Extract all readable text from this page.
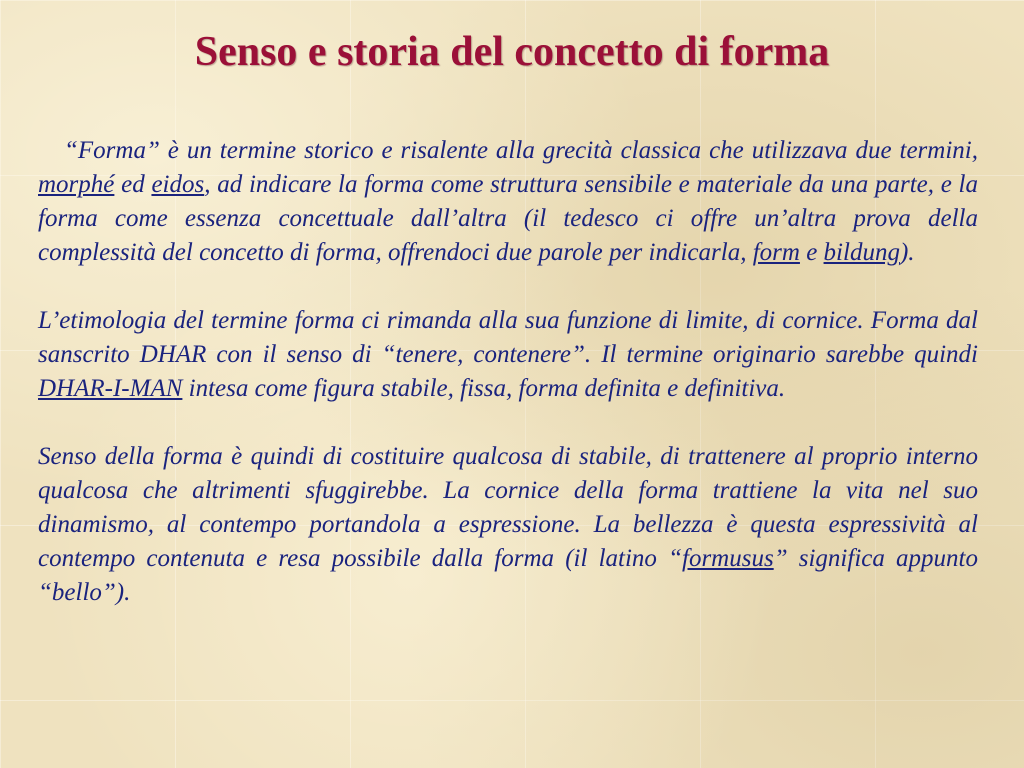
Senso e storia del concetto di forma

“Forma” è un termine storico e risalente alla grecità classica che utilizzava due termini, morphé ed eidos, ad indicare la forma come struttura sensibile e materiale da una parte, e la forma come essenza concettuale dall’altra (il tedesco ci offre un’altra prova della complessità del concetto di forma, offrendoci due parole per indicarla, form e bildung).

L’etimologia del termine forma ci rimanda alla sua funzione di limite, di cornice. Forma dal sanscrito DHAR con il senso di “tenere, contenere”. Il termine originario sarebbe quindi DHAR-I-MAN intesa come figura stabile, fissa, forma definita e definitiva.

Senso della forma è quindi di costituire qualcosa di stabile, di trattenere al proprio interno qualcosa che altrimenti sfuggirebbe. La cornice della forma trattiene la vita nel suo dinamismo, al contempo portandola a espressione. La bellezza è questa espressività al contempo contenuta e resa possibile dalla forma (il latino “formusus” significa appunto “bello”).
